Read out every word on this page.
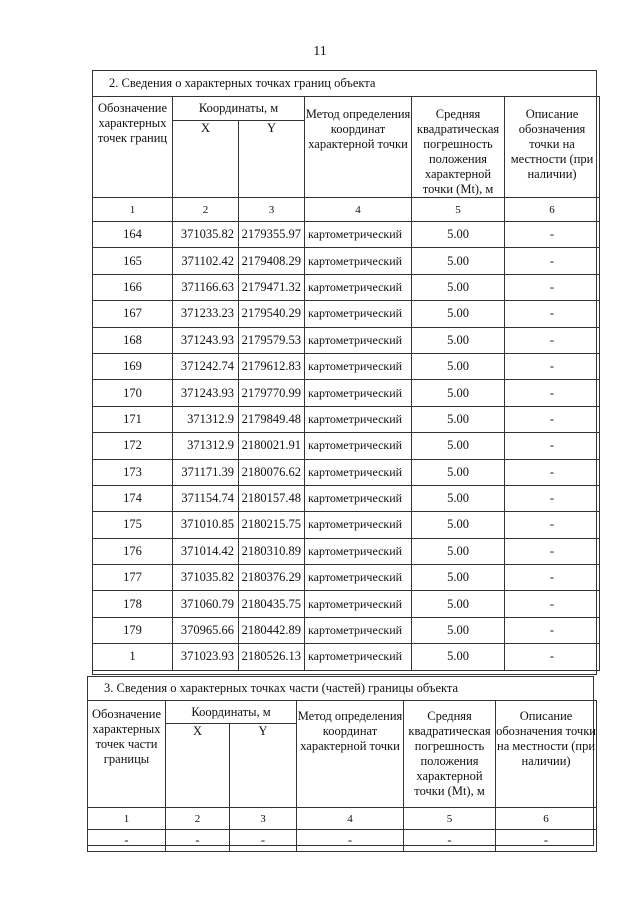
11
2. Сведения о характерных точках границ объекта
Обозначение характерных точек границ	Координаты, м		Метод определения координат характерной точки	Средняя квадратическая погрешность положения характерной точки (Mt), м	Описание обозначения точки на местности (при наличии)
	X	Y			
1	2	3	4	5	6
164	371035.82	2179355.97	картометрический	5.00	-
165	371102.42	2179408.29	картометрический	5.00	-
166	371166.63	2179471.32	картометрический	5.00	-
167	371233.23	2179540.29	картометрический	5.00	-
168	371243.93	2179579.53	картометрический	5.00	-
169	371242.74	2179612.83	картометрический	5.00	-
170	371243.93	2179770.99	картометрический	5.00	-
171	371312.9	2179849.48	картометрический	5.00	-
172	371312.9	2180021.91	картометрический	5.00	-
173	371171.39	2180076.62	картометрический	5.00	-
174	371154.74	2180157.48	картометрический	5.00	-
175	371010.85	2180215.75	картометрический	5.00	-
176	371014.42	2180310.89	картометрический	5.00	-
177	371035.82	2180376.29	картометрический	5.00	-
178	371060.79	2180435.75	картометрический	5.00	-
179	370965.66	2180442.89	картометрический	5.00	-
1	371023.93	2180526.13	картометрический	5.00	-
3. Сведения о характерных точках части (частей) границы объекта
Обозначение характерных точек части границы	Координаты, м		Метод определения координат характерной точки	Средняя квадратическая погрешность положения характерной точки (Mt), м	Описание обозначения точки на местности (при наличии)
	X	Y			
1	2	3	4	5	6
-	-	-	-	-	-
